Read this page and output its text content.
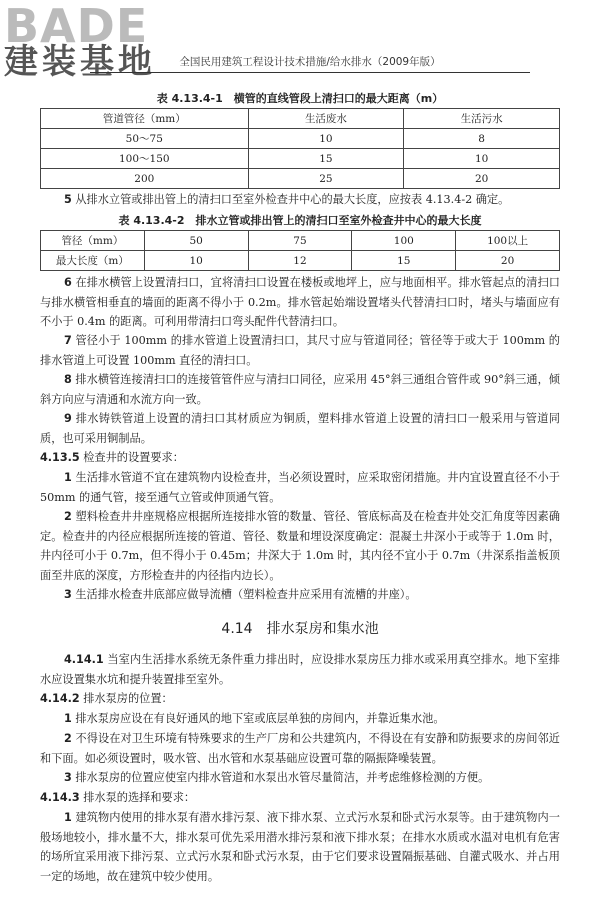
BADE
建装基地	全国民用建筑工程设计技术措施/给水排水（2009年版）
表 4.13.4-1　横管的直线管段上清扫口的最大距离（m）
管道管径（mm）	生活废水	生活污水
50～75	10	8
100～150	15	10
200	25	20
5 从排水立管或排出管上的清扫口至室外检查井中心的最大长度，应按表 4.13.4-2 确定。
表 4.13.4-2　排水立管或排出管上的清扫口至室外检查井中心的最大长度
管径（mm）	50	75	100	100以上
最大长度（m）	10	12	15	20
6 在排水横管上设置清扫口，宜将清扫口设置在楼板或地坪上，应与地面相平。排水管起点的清扫口与排水横管相垂直的墙面的距离不得小于 0.2m。排水管起始端设置堵头代替清扫口时，堵头与墙面应有不小于 0.4m 的距离。可利用带清扫口弯头配件代替清扫口。
7 管径小于 100mm 的排水管道上设置清扫口，其尺寸应与管道同径；管径等于或大于 100mm 的排水管道上可设置 100mm 直径的清扫口。
8 排水横管连接清扫口的连接管管件应与清扫口同径，应采用 45°斜三通组合管件或 90°斜三通，倾斜方向应与清通和水流方向一致。
9 排水铸铁管道上设置的清扫口其材质应为铜质，塑料排水管道上设置的清扫口一般采用与管道同质，也可采用铜制品。
4.13.5 检查井的设置要求：
1 生活排水管道不宜在建筑物内设检查井，当必须设置时，应采取密闭措施。井内宜设置直径不小于 50mm 的通气管，接至通气立管或伸顶通气管。
2 塑料检查井井座规格应根据所连接排水管的数量、管径、管底标高及在检查井处交汇角度等因素确定。检查井的内径应根据所连接的管道、管径、数量和埋设深度确定：混凝土井深小于或等于 1.0m 时，井内径可小于 0.7m，但不得小于 0.45m；井深大于 1.0m 时，其内径不宜小于 0.7m（井深系指盖板顶面至井底的深度，方形检查井的内径指内边长）。
3 生活排水检查井底部应做导流槽（塑料检查井应采用有流槽的井座）。
4.14　排水泵房和集水池
4.14.1 当室内生活排水系统无条件重力排出时，应设排水泵房压力排水或采用真空排水。地下室排水应设置集水坑和提升装置排至室外。
4.14.2 排水泵房的位置：
1 排水泵房应设在有良好通风的地下室或底层单独的房间内，并靠近集水池。
2 不得设在对卫生环境有特殊要求的生产厂房和公共建筑内，不得设在有安静和防振要求的房间邻近和下面。如必须设置时，吸水管、出水管和水泵基础应设置可靠的隔振降噪装置。
3 排水泵房的位置应使室内排水管道和水泵出水管尽量简洁，并考虑维修检测的方便。
4.14.3 排水泵的选择和要求：
1 建筑物内使用的排水泵有潜水排污泵、液下排水泵、立式污水泵和卧式污水泵等。由于建筑物内一般场地较小，排水量不大，排水泵可优先采用潜水排污泵和液下排水泵；在排水水质或水温对电机有危害的场所宜采用液下排污泵、立式污水泵和卧式污水泵，由于它们要求设置隔振基础、自灌式吸水、并占用一定的场地，故在建筑中较少使用。
